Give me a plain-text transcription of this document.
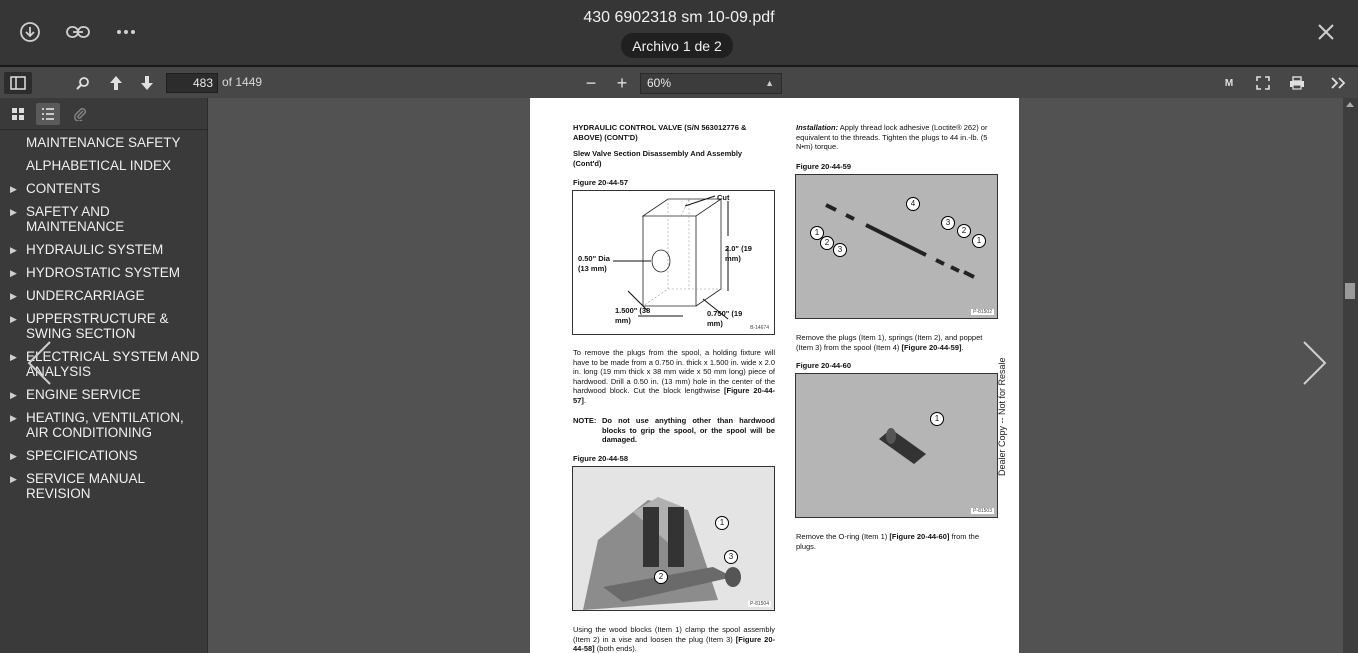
430 6902318 sm 10-09.pdf
Archivo 1 de 2
483 of 1449	− +	60%	▲	M
MAINTENANCE SAFETY
ALPHABETICAL INDEX
▶ CONTENTS
▶ SAFETY AND MAINTENANCE
▶ HYDRAULIC SYSTEM
▶ HYDROSTATIC SYSTEM
▶ UNDERCARRIAGE
▶ UPPERSTRUCTURE & SWING SECTION
▶ ELECTRICAL SYSTEM AND ANALYSIS
▶ ENGINE SERVICE
▶ HEATING, VENTILATION, AIR CONDITIONING
▶ SPECIFICATIONS
▶ SERVICE MANUAL REVISION
HYDRAULIC CONTROL VALVE (S/N 563012776 & ABOVE) (CONT'D)
Slew Valve Section Disassembly And Assembly (Cont'd)
Figure 20-44-57
Cut
0.50" Dia (13 mm)
2.0" (19 mm)
1.500" (38 mm)
0.750" (19 mm)
B-14674
To remove the plugs from the spool, a holding fixture will have to be made from a 0.750 in. thick x 1.500 in. wide x 2.0 in. long (19 mm thick x 38 mm wide x 50 mm long) piece of hardwood. Drill a 0.50 in. (13 mm) hole in the center of the hardwood block. Cut the block lengthwise [Figure 20-44-57].
NOTE: Do not use anything other than hardwood blocks to grip the spool, or the spool will be damaged.
Figure 20-44-58
1
3
2
P-81504
Using the wood blocks (Item 1) clamp the spool assembly (Item 2) in a vise and loosen the plug (Item 3) [Figure 20-44-58] (both ends).
Installation: Apply thread lock adhesive (Loctite® 262) or equivalent to the threads. Tighten the plugs to 44 in.-lb. (5 N•m) torque.
Figure 20-44-59
1
2
3
4
3
2
1
P-81502
Remove the plugs (Item 1), springs (Item 2), and poppet (Item 3) from the spool (Item 4) [Figure 20-44-59].
Figure 20-44-60
1
P-81503
Remove the O-ring (Item 1) [Figure 20-44-60] from the plugs.
Dealer Copy -- Not for Resale
